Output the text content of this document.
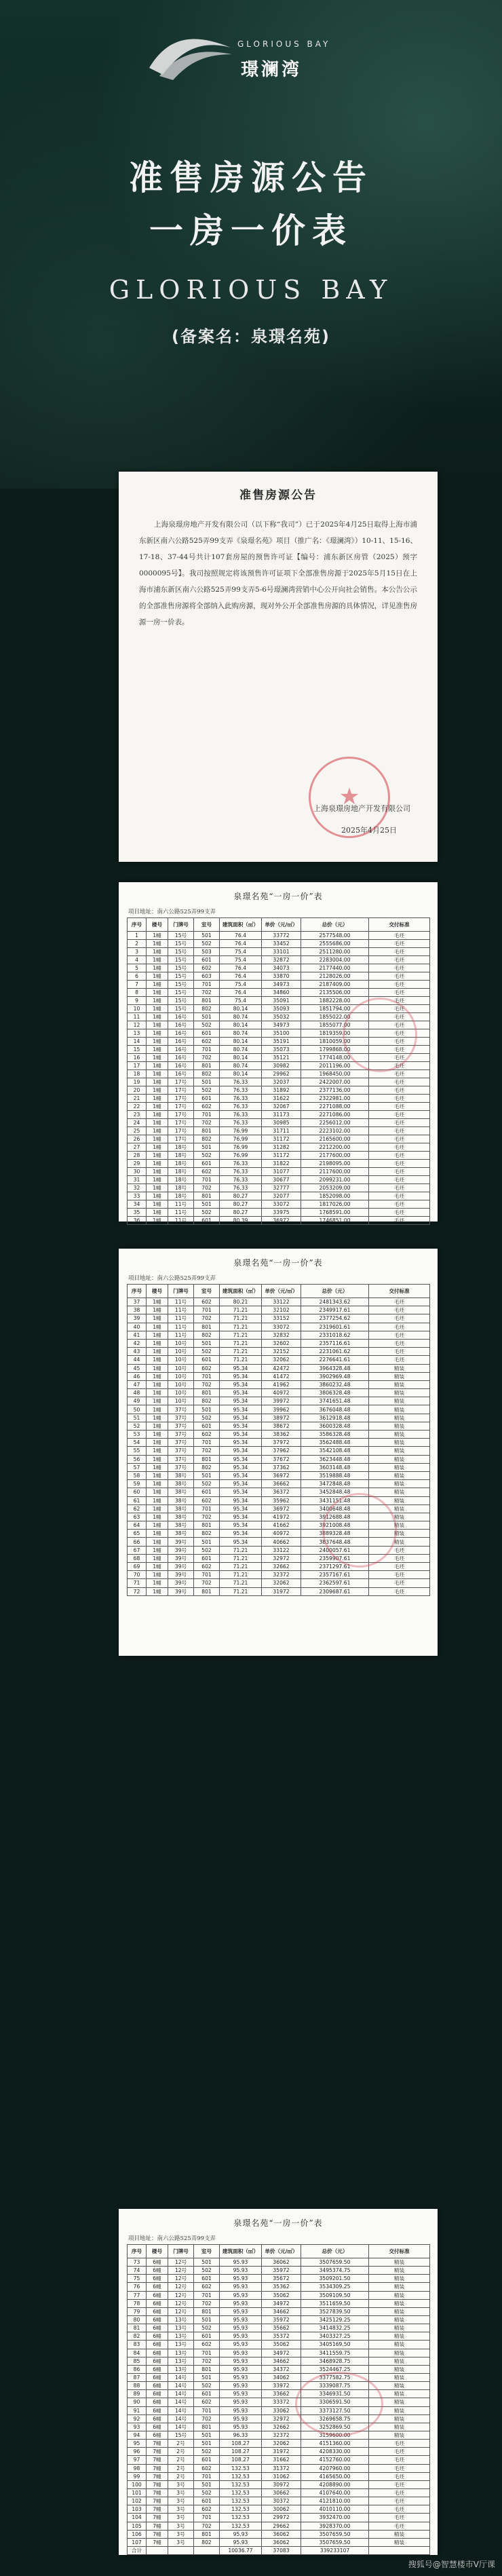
GLORIOUS BAY
璟澜湾
准售房源公告
一房一价表
GLORIOUS BAY
(备案名：泉璟名苑)
准售房源公告

上海泉璟房地产开发有限公司（以下称“我司”）已于2025年4月25日取得上海市浦东新区南六公路525弄99支弄《泉璟名苑》项目（推广名：《璟澜湾》）10-11、15-16、17-18、37-44号共计107套房屋的预售许可证【编号：浦东新区房管（2025）预字0000095号】。我司按照规定将该预售许可证项下全部准售房源于2025年5月15日在上海市浦东新区南六公路525弄99支弄5-6号璟澜湾营销中心公开向社会销售。本公告公示的全部准售房源将全部纳入此购房源，现对外公开全部准售房源的具体情况，详见准售房源一房一价表。

★
上海泉璟房地产开发有限公司
2025年4月25日
泉璟名苑“一房一价”表
项目地址：南六公路525弄99支弄
序号	楼号	门牌号	室号	建筑面积（㎡）	单价（元/㎡）	总价（元）	交付标准
1	1幢	15号	501	76.4	33772	2577548.00	毛坯
2	1幢	15号	502	76.4	33452	2555686.00	毛坯
3	1幢	15号	503	75.4	33101	2511280.00	毛坯
4	1幢	15号	601	75.4	32872	2283004.00	毛坯
5	1幢	15号	602	76.4	34073	2177440.00	毛坯
6	1幢	15号	603	76.4	33870	2128026.00	毛坯
7	1幢	15号	701	75.4	34973	2187409.00	毛坯
8	1幢	15号	702	76.4	34860	2135506.00	毛坯
9	1幢	15号	801	75.4	35091	1882228.00	毛坯
10	1幢	15号	802	80.14	35093	1851794.00	毛坯
11	1幢	16号	501	80.74	35032	1855022.00	毛坯
12	1幢	16号	502	80.14	34973	1855077.00	毛坯
13	1幢	16号	601	80.74	35100	1819359.00	毛坯
14	1幢	16号	602	80.14	35191	1810059.00	毛坯
15	1幢	16号	701	80.74	35073	1799868.00	毛坯
16	1幢	16号	702	80.14	35121	1774148.00	毛坯
17	1幢	16号	801	80.74	30982	2011196.00	毛坯
18	1幢	16号	802	80.14	29962	1968450.00	毛坯
19	1幢	17号	501	76.33	32037	2422007.00	毛坯
20	1幢	17号	502	76.33	31892	2377136.00	毛坯
21	1幢	17号	601	76.33	31622	2322981.00	毛坯
22	1幢	17号	602	76.33	32067	2271088.00	毛坯
23	1幢	17号	701	76.33	31173	2271086.00	毛坯
24	1幢	17号	702	76.33	30985	2256012.00	毛坯
25	1幢	17号	801	76.99	31711	2223102.00	毛坯
26	1幢	17号	802	76.99	31172	2165600.00	毛坯
27	1幢	18号	501	76.99	31282	2212200.00	毛坯
28	1幢	18号	502	76.99	31172	2177600.00	毛坯
29	1幢	18号	601	76.33	31822	2198095.00	毛坯
30	1幢	18号	602	76.33	31077	2117600.00	毛坯
31	1幢	18号	701	76.33	30677	2099231.00	毛坯
32	1幢	18号	702	76.33	32777	2053209.00	毛坯
33	1幢	18号	801	80.27	32077	1852098.00	毛坯
34	1幢	11号	501	80.27	33072	1817026.00	毛坯
35	1幢	11号	502	80.27	33975	1768591.00	毛坯
36	1幢	11号	601	80.39	36972	1746851.00	毛坯
泉璟名苑“一房一价”表
项目地址：南六公路525弄99支弄
序号	楼号	门牌号	室号	建筑面积（㎡）	单价（元/㎡）	总价（元）	交付标准
37	1幢	11号	602	80.21	33122	2481343.62	毛坯
38	1幢	11号	701	71.21	32102	2349917.61	毛坯
39	1幢	11号	702	71.21	33152	2377254.62	毛坯
40	1幢	11号	801	71.21	33072	2319601.61	毛坯
41	1幢	11号	802	71.21	32832	2331018.62	毛坯
42	1幢	10号	501	71.21	32602	2357116.61	毛坯
43	1幢	10号	502	71.21	32152	2231061.62	毛坯
44	1幢	10号	601	71.21	32062	2276641.61	毛坯
45	1幢	10号	602	95.34	42472	3964328.48	精装
46	1幢	10号	701	95.34	41472	3902969.48	精装
47	1幢	10号	702	95.34	41962	3860232.48	精装
48	1幢	10号	801	95.34	40972	3806328.48	精装
49	1幢	10号	802	95.34	39972	3741651.48	精装
50	1幢	37号	501	95.34	39962	3676048.48	精装
51	1幢	37号	502	95.34	38972	3612918.48	精装
52	1幢	37号	601	95.34	38672	3600328.48	精装
53	1幢	37号	602	95.34	38362	3586328.48	精装
54	1幢	37号	701	95.34	37972	3562488.48	精装
55	1幢	37号	702	95.34	37962	3542108.48	精装
56	1幢	37号	801	95.34	37672	3623448.48	精装
57	1幢	37号	802	95.34	37362	3603148.48	精装
58	1幢	38号	501	95.34	36972	3519888.48	精装
59	1幢	38号	502	95.34	36662	3472848.48	精装
60	1幢	38号	601	95.34	36372	3452848.48	精装
61	1幢	38号	602	95.34	35962	3431151.48	精装
62	1幢	38号	701	95.34	36972	3400648.48	精装
63	1幢	38号	702	95.34	41972	3912688.48	精装
64	1幢	38号	801	95.34	41662	3921008.48	精装
65	1幢	38号	802	95.34	40972	3889328.48	精装
66	1幢	39号	501	95.34	40662	3837648.48	精装
67	1幢	39号	502	71.21	33122	2400057.61	毛坯
68	1幢	39号	601	71.21	32972	2359907.61	毛坯
69	1幢	39号	602	71.21	32662	2371297.61	毛坯
70	1幢	39号	701	71.21	32372	2357167.61	毛坯
71	1幢	39号	702	71.21	32062	2362597.61	毛坯
72	1幢	39号	801	71.21	31972	2309687.61	毛坯
泉璟名苑“一房一价”表
项目地址：南六公路525弄99支弄
序号	楼号	门牌号	室号	建筑面积（㎡）	单价（元/㎡）	总价（元）	交付标准
73	6幢	12号	501	95.93	36062	3507659.50	精装
74	6幢	12号	502	95.93	35972	3495374.75	精装
75	6幢	12号	601	95.93	35672	3509201.50	精装
76	6幢	12号	602	95.93	35362	3534309.25	精装
77	6幢	12号	701	95.93	35062	3509109.50	精装
78	6幢	12号	702	95.93	34972	3511659.50	精装
79	6幢	12号	801	95.93	34662	3527839.50	精装
80	6幢	13号	501	95.93	35972	3425129.25	精装
81	6幢	13号	502	95.93	35662	3414832.25	精装
82	6幢	13号	601	95.93	35372	3403327.25	精装
83	6幢	13号	602	95.93	35062	3405169.50	精装
84	6幢	13号	701	95.93	34972	3411559.75	精装
85	6幢	13号	702	95.93	34662	3468928.75	精装
86	6幢	13号	801	95.93	34372	3524467.25	精装
87	6幢	14号	501	95.93	34062	3377582.75	精装
88	6幢	14号	502	95.93	33972	3339087.75	精装
89	6幢	14号	601	95.93	33662	3346931.50	精装
90	6幢	14号	602	95.93	33372	3306591.50	精装
91	6幢	14号	701	95.93	33062	3373127.50	精装
92	6幢	14号	702	95.93	32972	3269658.75	精装
93	6幢	14号	801	95.93	32662	3252869.50	精装
94	6幢	15号	501	96.33	32372	3159600.00	精装
95	7幢	2号	501	108.27	32062	4151360.00	毛坯
96	7幢	2号	502	108.27	31972	4208330.00	毛坯
97	7幢	2号	601	108.27	31662	4152760.00	毛坯
98	7幢	2号	602	132.53	31372	4207960.00	毛坯
99	7幢	2号	701	132.53	31062	4165650.00	毛坯
100	7幢	3号	501	132.53	30972	4208890.00	毛坯
101	7幢	3号	502	132.53	30662	4107640.00	毛坯
102	7幢	3号	601	132.53	30372	4121810.00	毛坯
103	7幢	3号	602	132.53	30062	4010110.00	毛坯
104	7幢	3号	701	132.53	29972	3932470.00	毛坯
105	7幢	3号	702	132.53	29662	3928370.00	毛坯
106	7幢	3号	801	95.93	36062	3507659.50	精装
107	7幢	3号	802	95.93	36062	3507659.50	精装
合计				10036.77	37083	339233107	
搜狐号@智慧楼市V厅课
